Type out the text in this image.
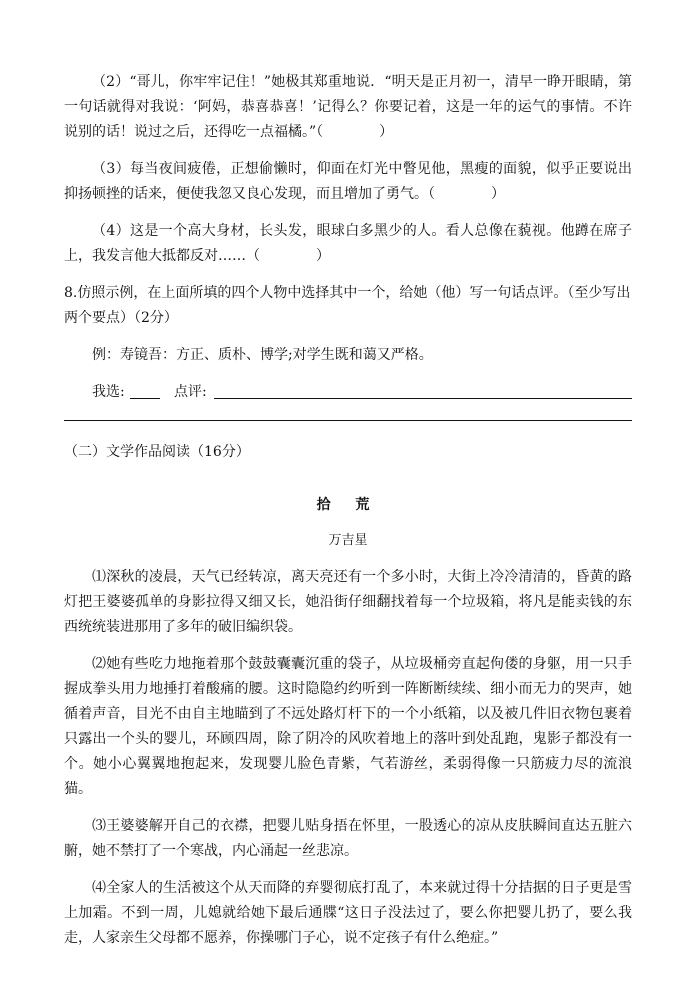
（2）“哥儿，你牢牢记住！”她极其郑重地说．“明天是正月初一，清早一睁开眼睛，第一句话就得对我说：‘阿妈，恭喜恭喜！’记得么？你要记着，这是一年的运气的事情。不许说别的话！说过之后，还得吃一点福橘。”（	）

（3）每当夜间疲倦，正想偷懒时，仰面在灯光中瞥见他，黑瘦的面貌，似乎正要说出抑扬顿挫的话来，便使我忽又良心发现，而且增加了勇气。（	）

（4）这是一个高大身材，长头发，眼球白多黑少的人。看人总像在藐视。他蹲在席子上，我发言他大抵都反对……（	）

8.仿照示例，在上面所填的四个人物中选择其中一个，给她（他）写一句话点评。（至少写出两个要点）（2分）

例：寿镜吾：方正、质朴、博学;对学生既和蔼又严格。

我选:	点评:
（二）文学作品阅读（16分）
拾 荒
万吉星

⑴深秋的凌晨，天气已经转凉，离天亮还有一个多小时，大街上冷冷清清的，昏黄的路灯把王婆婆孤单的身影拉得又细又长，她沿街仔细翻找着每一个垃圾箱，将凡是能卖钱的东西统统装进那用了多年的破旧编织袋。

⑵她有些吃力地拖着那个鼓鼓囊囊沉重的袋子，从垃圾桶旁直起佝偻的身躯，用一只手握成拳头用力地捶打着酸痛的腰。这时隐隐约约听到一阵断断续续、细小而无力的哭声，她循着声音，目光不由自主地瞄到了不远处路灯杆下的一个小纸箱，以及被几件旧衣物包裹着只露出一个头的婴儿，环顾四周，除了阴冷的风吹着地上的落叶到处乱跑，鬼影子都没有一个。她小心翼翼地抱起来，发现婴儿脸色青紫，气若游丝，柔弱得像一只筋疲力尽的流浪猫。

⑶王婆婆解开自己的衣襟，把婴儿贴身捂在怀里，一股透心的凉从皮肤瞬间直达五脏六腑，她不禁打了一个寒战，内心涌起一丝悲凉。

⑷全家人的生活被这个从天而降的弃婴彻底打乱了，本来就过得十分拮据的日子更是雪上加霜。不到一周，儿媳就给她下最后通牒“这日子没法过了，要么你把婴儿扔了，要么我走，人家亲生父母都不愿养，你操哪门子心，说不定孩子有什么绝症。”
